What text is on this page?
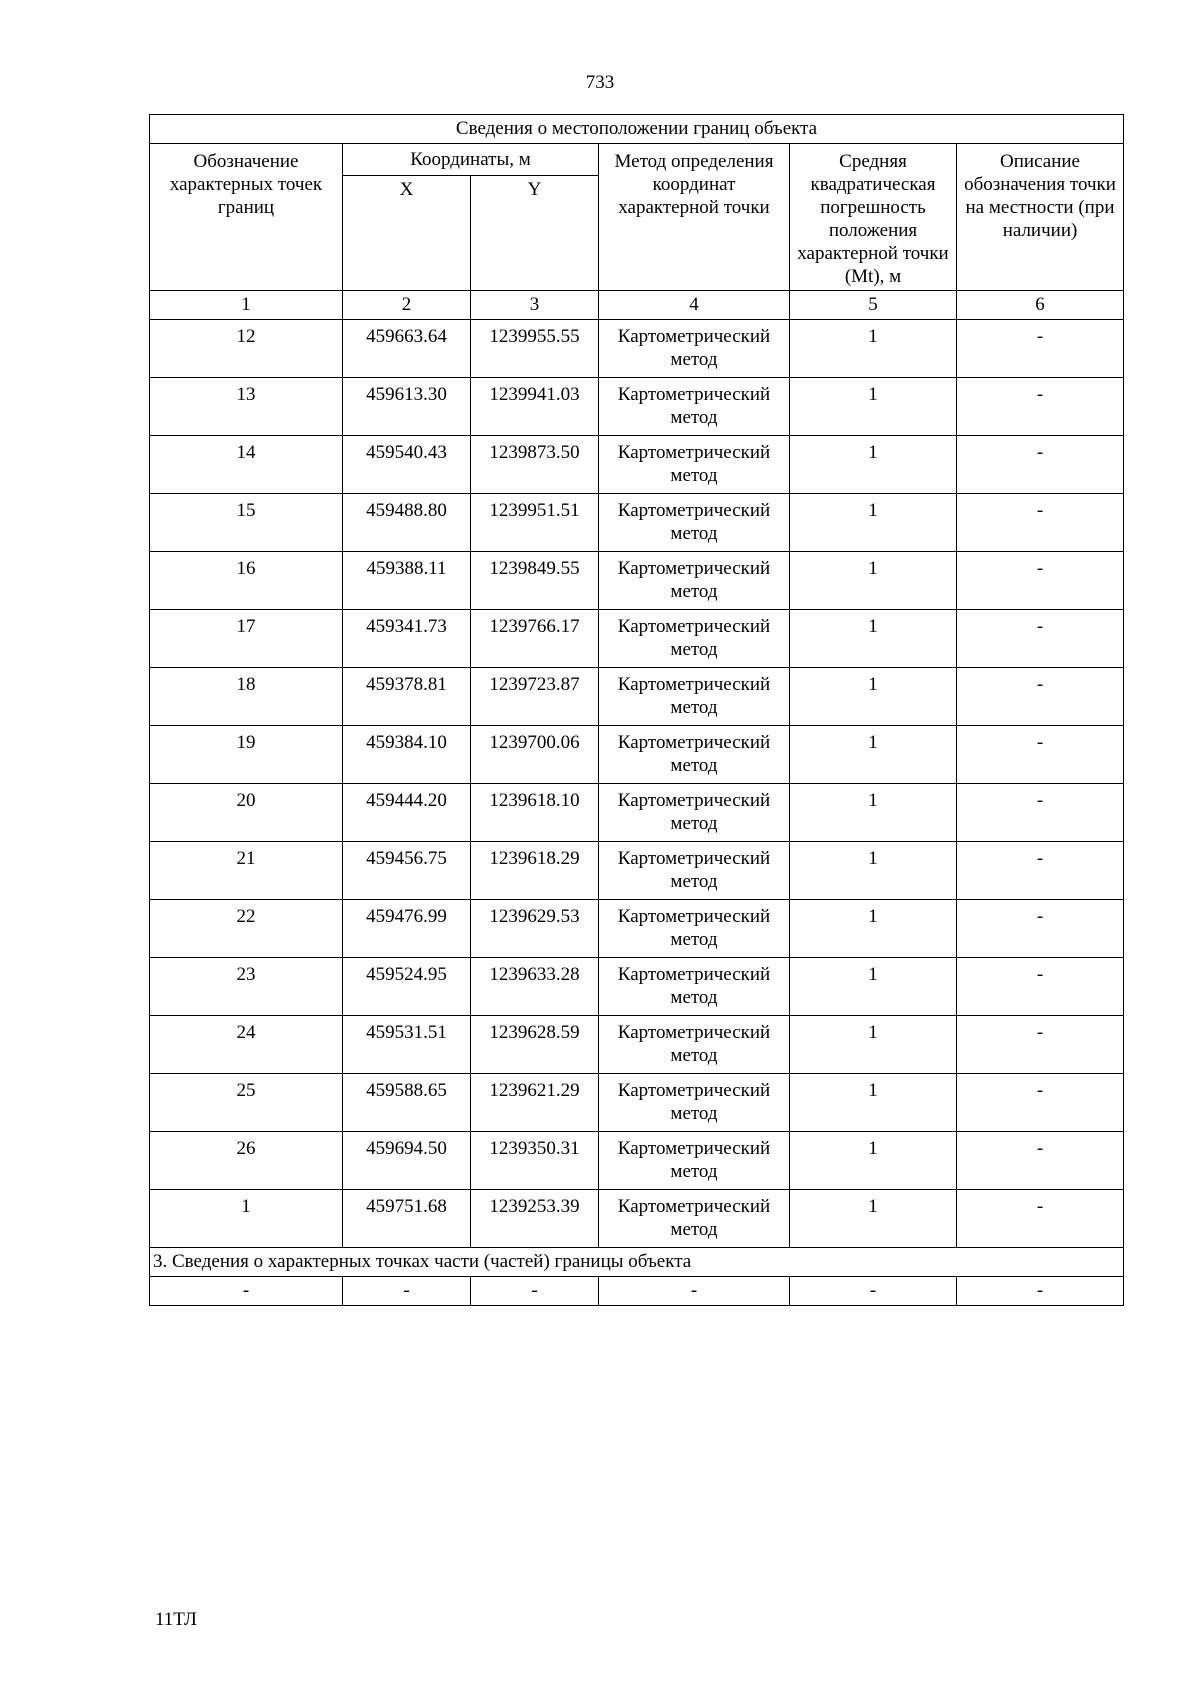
733
Сведения о местоположении границ объекта					
Обозначение характерных точек границ	Координаты, м		Метод определения координат характерной точки	Средняя квадратическая погрешность положения характерной точки (Mt), м	Описание обозначения точки на местности (при наличии)
	X	Y			
1	2	3	4	5	6
12	459663.64	1239955.55	Картометрический метод	1	-
13	459613.30	1239941.03	Картометрический метод	1	-
14	459540.43	1239873.50	Картометрический метод	1	-
15	459488.80	1239951.51	Картометрический метод	1	-
16	459388.11	1239849.55	Картометрический метод	1	-
17	459341.73	1239766.17	Картометрический метод	1	-
18	459378.81	1239723.87	Картометрический метод	1	-
19	459384.10	1239700.06	Картометрический метод	1	-
20	459444.20	1239618.10	Картометрический метод	1	-
21	459456.75	1239618.29	Картометрический метод	1	-
22	459476.99	1239629.53	Картометрический метод	1	-
23	459524.95	1239633.28	Картометрический метод	1	-
24	459531.51	1239628.59	Картометрический метод	1	-
25	459588.65	1239621.29	Картометрический метод	1	-
26	459694.50	1239350.31	Картометрический метод	1	-
1	459751.68	1239253.39	Картометрический метод	1	-
3. Сведения о характерных точках части (частей) границы объекта					
-	-	-	-	-	-
11ТЛ
